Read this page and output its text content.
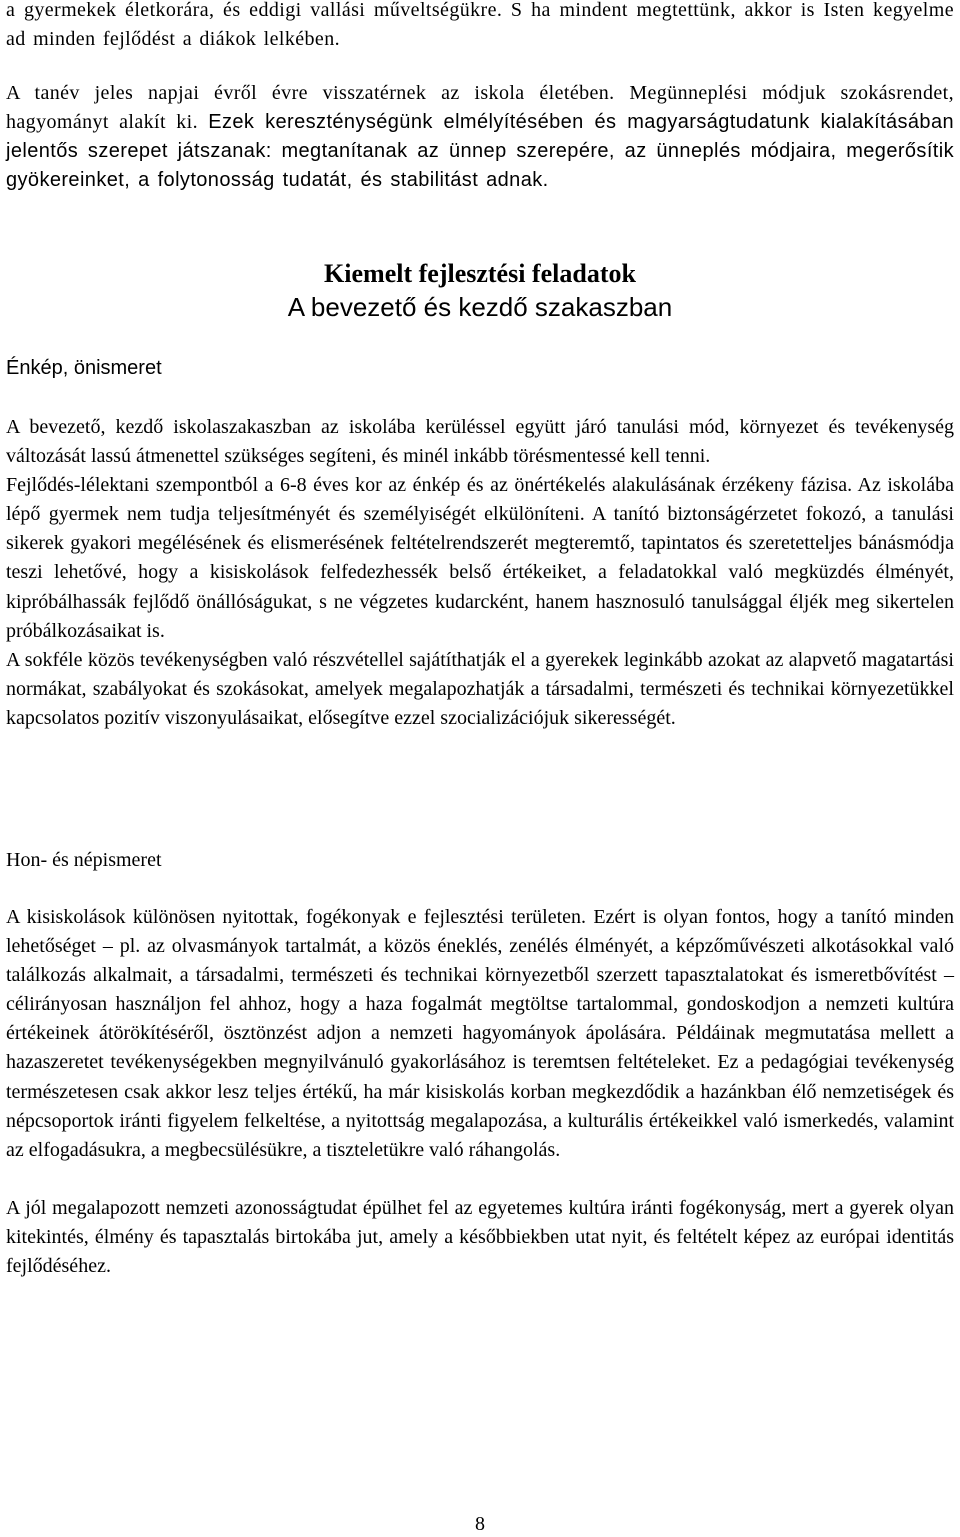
a gyermekek életkorára, és eddigi vallási műveltségükre. S ha mindent megtettünk, akkor is Isten kegyelme ad minden fejlődést a diákok lelkében.

A tanév jeles napjai évről évre visszatérnek az iskola életében. Megünneplési módjuk szokásrendet, hagyományt alakít ki. Ezek kereszténységünk elmélyítésében és magyarságtudatunk kialakításában jelentős szerepet játszanak: megtanítanak az ünnep szerepére, az ünneplés módjaira, megerősítik gyökereinket, a folytonosság tudatát, és stabilitást adnak.

Kiemelt fejlesztési feladatok

A bevezető és kezdő szakaszban

Énkép, önismeret

A bevezető, kezdő iskolaszakaszban az iskolába kerüléssel együtt járó tanulási mód, környezet és tevékenység változását lassú átmenettel szükséges segíteni, és minél inkább törésmentessé kell tenni.

Fejlődés-lélektani szempontból a 6-8 éves kor az énkép és az önértékelés alakulásának érzékeny fázisa. Az iskolába lépő gyermek nem tudja teljesítményét és személyiségét elkülöníteni. A tanító biztonságérzetet fokozó, a tanulási sikerek gyakori megélésének és elismerésének feltételrendszerét megteremtő, tapintatos és szeretetteljes bánásmódja teszi lehetővé, hogy a kisiskolások felfedezhessék belső értékeiket, a feladatokkal való megküzdés élményét, kipróbálhassák fejlődő önállóságukat, s ne végzetes kudarcként, hanem hasznosuló tanulsággal éljék meg sikertelen próbálkozásaikat is.

A sokféle közös tevékenységben való részvétellel sajátíthatják el a gyerekek leginkább azokat az alapvető magatartási normákat, szabályokat és szokásokat, amelyek megalapozhatják a társadalmi, természeti és technikai környezetükkel kapcsolatos pozitív viszonyulásaikat, elősegítve ezzel szocializációjuk sikerességét.

Hon- és népismeret

A kisiskolások különösen nyitottak, fogékonyak e fejlesztési területen. Ezért is olyan fontos, hogy a tanító minden lehetőséget – pl. az olvasmányok tartalmát, a közös éneklés, zenélés élményét, a képzőművészeti alkotásokkal való találkozás alkalmait, a társadalmi, természeti és technikai környezetből szerzett tapasztalatokat és ismeretbővítést – célirányosan használjon fel ahhoz, hogy a haza fogalmát megtöltse tartalommal, gondoskodjon a nemzeti kultúra értékeinek átörökítéséről, ösztönzést adjon a nemzeti hagyományok ápolására. Példáinak megmutatása mellett a hazaszeretet tevékenységekben megnyilvánuló gyakorlásához is teremtsen feltételeket. Ez a pedagógiai tevékenység természetesen csak akkor lesz teljes értékű, ha már kisiskolás korban megkezdődik a hazánkban élő nemzetiségek és népcsoportok iránti figyelem felkeltése, a nyitottság megalapozása, a kulturális értékeikkel való ismerkedés, valamint az elfogadásukra, a megbecsülésükre, a tiszteletükre való ráhangolás.

A jól megalapozott nemzeti azonosságtudat épülhet fel az egyetemes kultúra iránti fogékonyság, mert a gyerek olyan kitekintés, élmény és tapasztalás birtokába jut, amely a későbbiekben utat nyit, és feltételt képez az európai identitás fejlődéséhez.

8
